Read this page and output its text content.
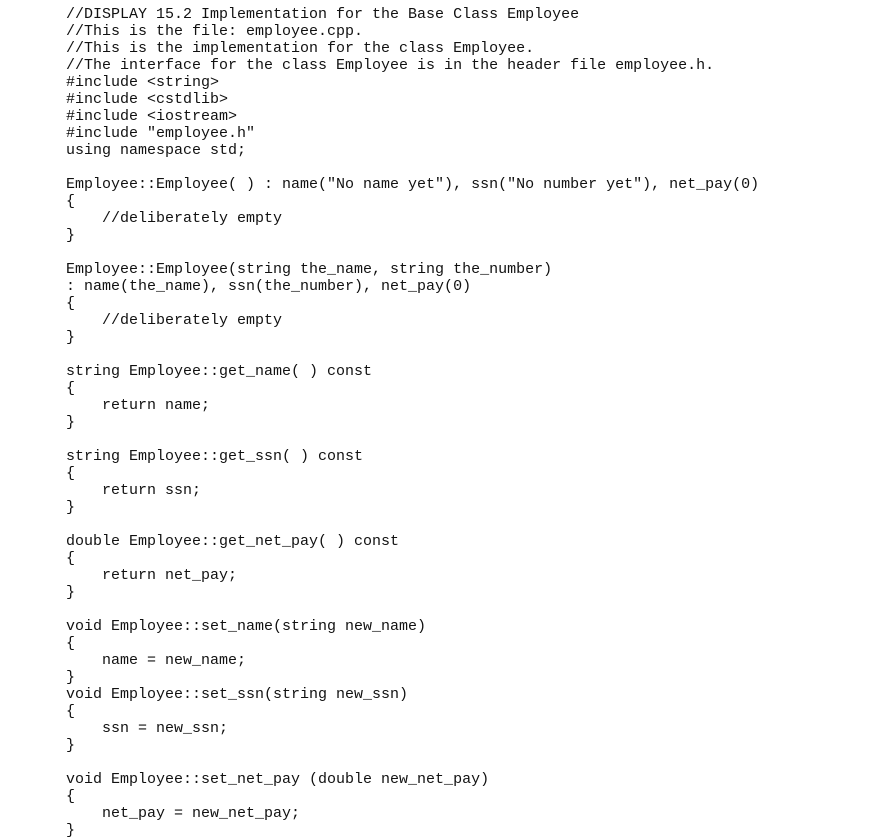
//DISPLAY 15.2 Implementation for the Base Class Employee
//This is the file: employee.cpp.
//This is the implementation for the class Employee.
//The interface for the class Employee is in the header file employee.h.
#include <string>
#include <cstdlib>
#include <iostream>
#include "employee.h"
using namespace std;
Employee::Employee( ) : name("No name yet"), ssn("No number yet"), net_pay(0)
{
//deliberately empty
}
Employee::Employee(string the_name, string the_number)
: name(the_name), ssn(the_number), net_pay(0)
{
//deliberately empty
}
string Employee::get_name( ) const
{
return name;
}
string Employee::get_ssn( ) const
{
return ssn;
}
double Employee::get_net_pay( ) const
{
return net_pay;
}
void Employee::set_name(string new_name)
{
name = new_name;
}
void Employee::set_ssn(string new_ssn)
{
ssn = new_ssn;
}
void Employee::set_net_pay (double new_net_pay)
{
net_pay = new_net_pay;
}
